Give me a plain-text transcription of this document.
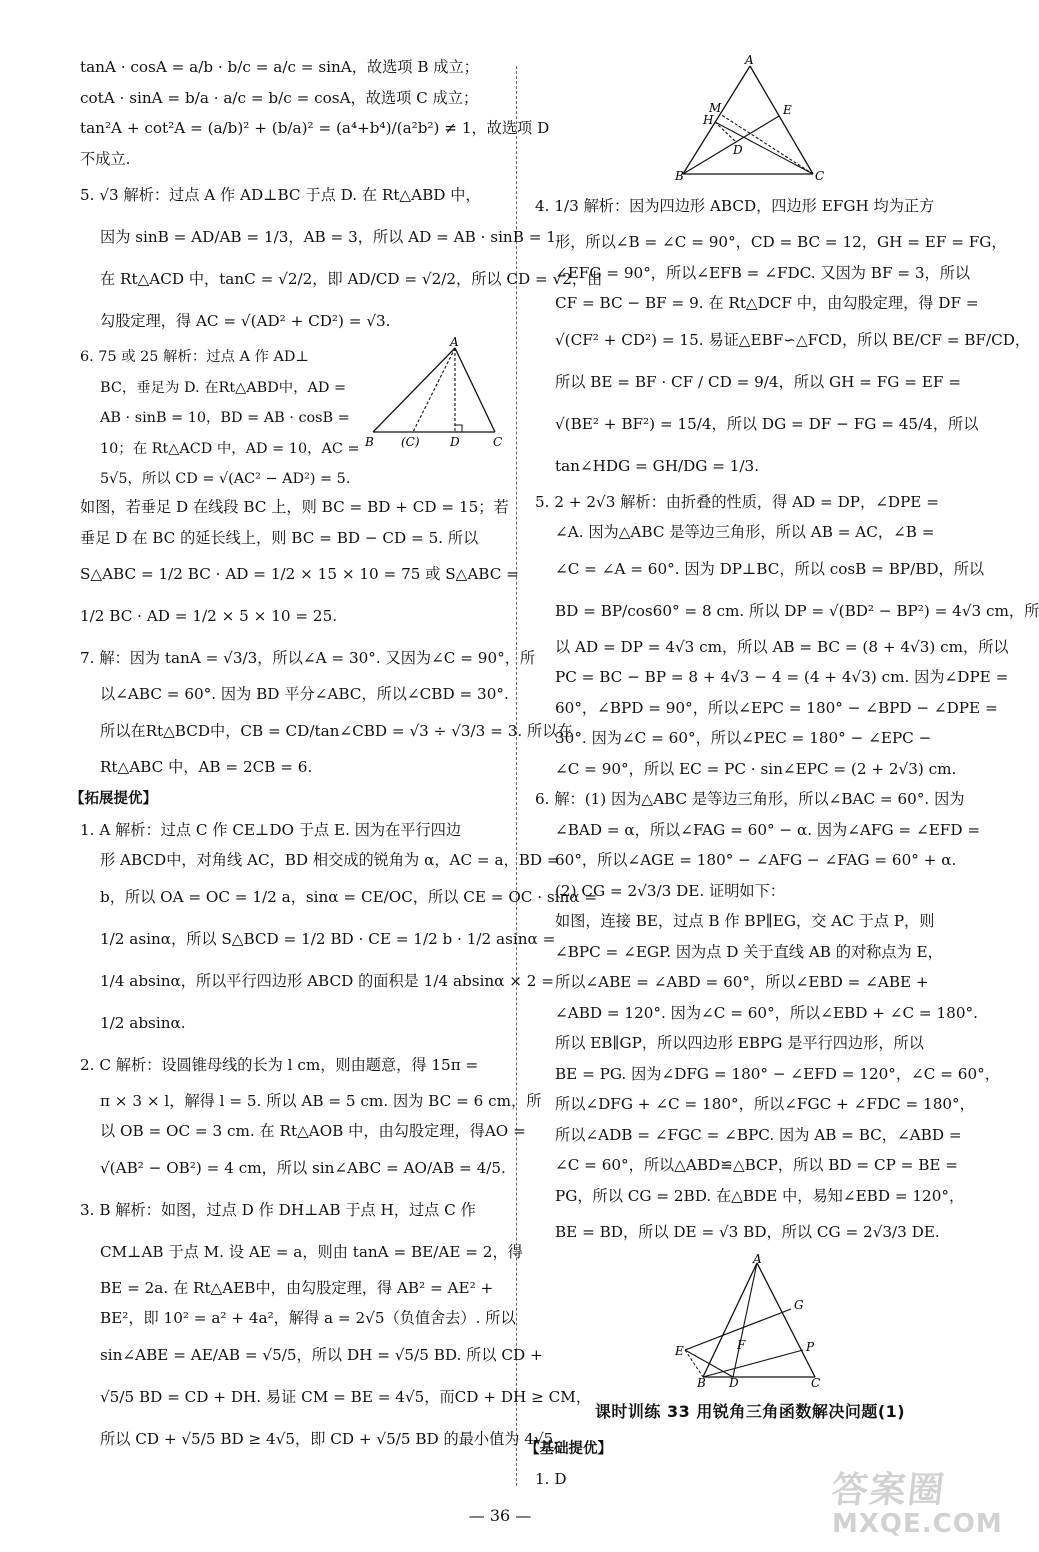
tanA · cosA = a/b · b/c = a/c = sinA，故选项 B 成立；
cotA · sinA = b/a · a/c = b/c = cosA，故选项 C 成立；
tan²A + cot²A = (a/b)² + (b/a)² = (a⁴+b⁴)/(a²b²) ≠ 1，故选项 D
不成立.
5. √3 解析：过点 A 作 AD⊥BC 于点 D. 在 Rt△ABD 中，
因为 sinB = AD/AB = 1/3，AB = 3，所以 AD = AB · sinB = 1.
在 Rt△ACD 中，tanC = √2/2，即 AD/CD = √2/2，所以 CD = √2，由
勾股定理，得 AC = √(AD² + CD²) = √3.
6. 75 或 25 解析：过点 A 作 AD⊥
BC，垂足为 D. 在Rt△ABD中，AD =
AB · sinB = 10，BD = AB · cosB =
10；在 Rt△ACD 中，AD = 10，AC =
5√5，所以 CD = √(AC² − AD²) = 5.
A
B (C)	D	C
如图，若垂足 D 在线段 BC 上，则 BC = BD + CD = 15；若
垂足 D 在 BC 的延长线上，则 BC = BD − CD = 5. 所以
S△ABC = 1/2 BC · AD = 1/2 × 15 × 10 = 75 或 S△ABC =
1/2 BC · AD = 1/2 × 5 × 10 = 25.
7. 解：因为 tanA = √3/3，所以∠A = 30°. 又因为∠C = 90°，所
以∠ABC = 60°. 因为 BD 平分∠ABC，所以∠CBD = 30°.
所以在Rt△BCD中，CB = CD/tan∠CBD = √3 ÷ √3/3 = 3. 所以在
Rt△ABC 中，AB = 2CB = 6.
【拓展提优】
1. A 解析：过点 C 作 CE⊥DO 于点 E. 因为在平行四边
形 ABCD中，对角线 AC，BD 相交成的锐角为 α，AC = a，BD =
b，所以 OA = OC = 1/2 a，sinα = CE/OC，所以 CE = OC · sinα =
1/2 asinα，所以 S△BCD = 1/2 BD · CE = 1/2 b · 1/2 asinα =
1/4 absinα，所以平行四边形 ABCD 的面积是 1/4 absinα × 2 =
1/2 absinα.
2. C 解析：设圆锥母线的长为 l cm，则由题意，得 15π =
π × 3 × l，解得 l = 5. 所以 AB = 5 cm. 因为 BC = 6 cm，所
以 OB = OC = 3 cm. 在 Rt△AOB 中，由勾股定理，得AO =
√(AB² − OB²) = 4 cm，所以 sin∠ABC = AO/AB = 4/5.
3. B 解析：如图，过点 D 作 DH⊥AB 于点 H，过点 C 作
CM⊥AB 于点 M. 设 AE = a，则由 tanA = BE/AE = 2，得
BE = 2a. 在 Rt△AEB中，由勾股定理，得 AB² = AE² +
BE²，即 10² = a² + 4a²，解得 a = 2√5（负值舍去）. 所以
sin∠ABE = AE/AB = √5/5，所以 DH = √5/5 BD. 所以 CD +
√5/5 BD = CD + DH. 易证 CM = BE = 4√5，而CD + DH ≥ CM，
所以 CD + √5/5 BD ≥ 4√5，即 CD + √5/5 BD 的最小值为 4√5.
A
M
H
E
D
B	C
4. 1/3 解析：因为四边形 ABCD，四边形 EFGH 均为正方
形，所以∠B = ∠C = 90°，CD = BC = 12，GH = EF = FG，
∠EFG = 90°，所以∠EFB = ∠FDC. 又因为 BF = 3，所以
CF = BC − BF = 9. 在 Rt△DCF 中，由勾股定理，得 DF =
√(CF² + CD²) = 15. 易证△EBF∽△FCD，所以 BE/CF = BF/CD，
所以 BE = BF · CF / CD = 9/4，所以 GH = FG = EF =
√(BE² + BF²) = 15/4，所以 DG = DF − FG = 45/4，所以
tan∠HDG = GH/DG = 1/3.
5. 2 + 2√3 解析：由折叠的性质，得 AD = DP，∠DPE =
∠A. 因为△ABC 是等边三角形，所以 AB = AC，∠B =
∠C = ∠A = 60°. 因为 DP⊥BC，所以 cosB = BP/BD，所以
BD = BP/cos60° = 8 cm. 所以 DP = √(BD² − BP²) = 4√3 cm，所
以 AD = DP = 4√3 cm，所以 AB = BC = (8 + 4√3) cm，所以
PC = BC − BP = 8 + 4√3 − 4 = (4 + 4√3) cm. 因为∠DPE =
60°，∠BPD = 90°，所以∠EPC = 180° − ∠BPD − ∠DPE =
30°. 因为∠C = 60°，所以∠PEC = 180° − ∠EPC −
∠C = 90°，所以 EC = PC · sin∠EPC = (2 + 2√3) cm.
6. 解：(1) 因为△ABC 是等边三角形，所以∠BAC = 60°. 因为
∠BAD = α，所以∠FAG = 60° − α. 因为∠AFG = ∠EFD =
60°，所以∠AGE = 180° − ∠AFG − ∠FAG = 60° + α.
(2) CG = 2√3/3 DE. 证明如下：
如图，连接 BE，过点 B 作 BP∥EG，交 AC 于点 P，则
∠BPC = ∠EGP. 因为点 D 关于直线 AB 的对称点为 E，
所以∠ABE = ∠ABD = 60°，所以∠EBD = ∠ABE +
∠ABD = 120°. 因为∠C = 60°，所以∠EBD + ∠C = 180°.
所以 EB∥GP，所以四边形 EBPG 是平行四边形，所以
BE = PG. 因为∠DFG = 180° − ∠EFD = 120°，∠C = 60°，
所以∠DFG + ∠C = 180°，所以∠FGC + ∠FDC = 180°，
所以∠ADB = ∠FGC = ∠BPC. 因为 AB = BC，∠ABD =
∠C = 60°，所以△ABD≌△BCP，所以 BD = CP = BE =
PG，所以 CG = 2BD. 在△BDE 中，易知∠EBD = 120°，
BE = BD，所以 DE = √3 BD，所以 CG = 2√3/3 DE.
A
G
P
F
E
B D	C
课时训练 33 用锐角三角函数解决问题(1)
【基础提优】
1. D
— 36 —
答案圈
MXQE.COM
